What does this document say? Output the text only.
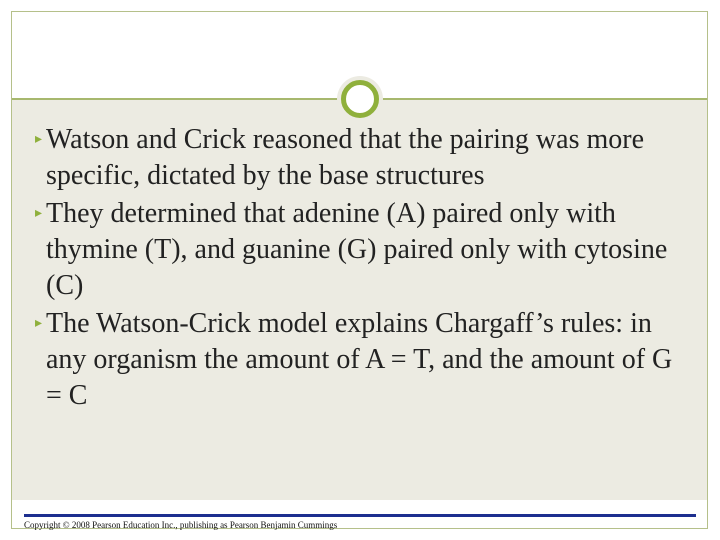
▸ Watson and Crick reasoned that the pairing was more specific, dictated by the base structures
▸ They determined that adenine (A) paired only with thymine (T), and guanine (G) paired only with cytosine (C)
▸ The Watson-Crick model explains Chargaff’s rules: in any organism the amount of A = T, and the amount of G = C
Copyright © 2008 Pearson Education Inc., publishing as Pearson Benjamin Cummings
